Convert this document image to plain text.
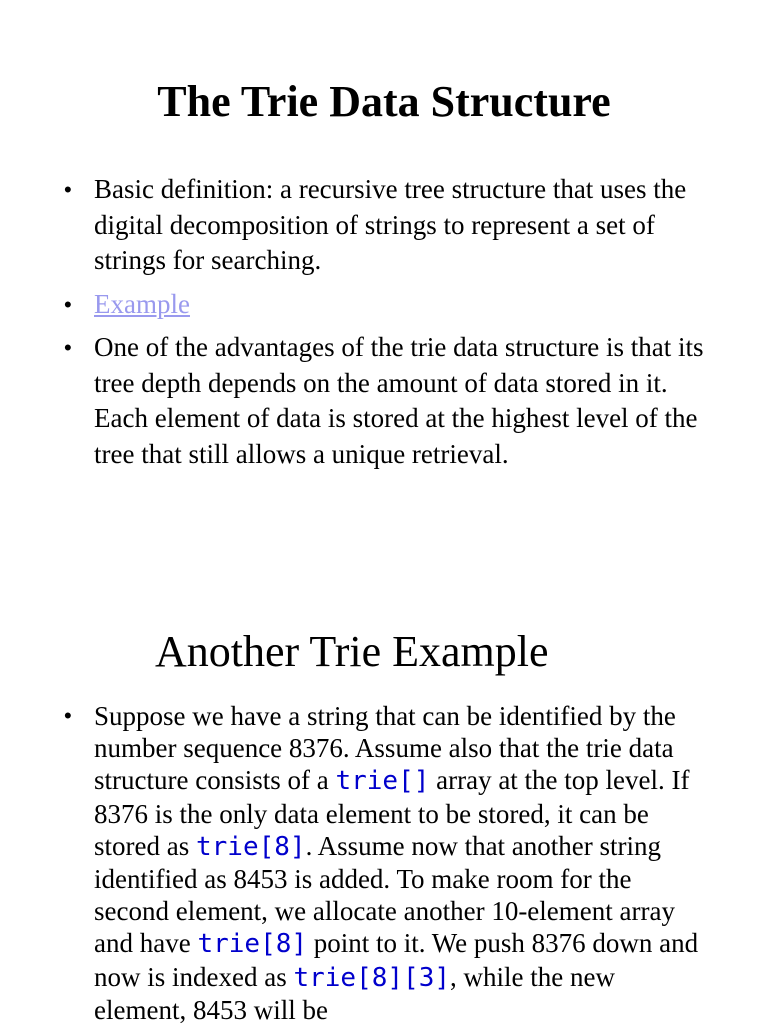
The Trie Data Structure
• Basic definition: a recursive tree structure that uses the digital decomposition of strings to represent a set of strings for searching.
• Example
• One of the advantages of the trie data structure is that its tree depth depends on the amount of data stored in it. Each element of data is stored at the highest level of the tree that still allows a unique retrieval.
Another Trie Example
• Suppose we have a string that can be identified by the number sequence 8376. Assume also that the trie data structure consists of a trie[] array at the top level. If 8376 is the only data element to be stored, it can be stored as trie[8]. Assume now that another string identified as 8453 is added. To make room for the second element, we allocate another 10-element array and have trie[8] point to it. We push 8376 down and now is indexed as trie[8][3], while the new element, 8453 will be
